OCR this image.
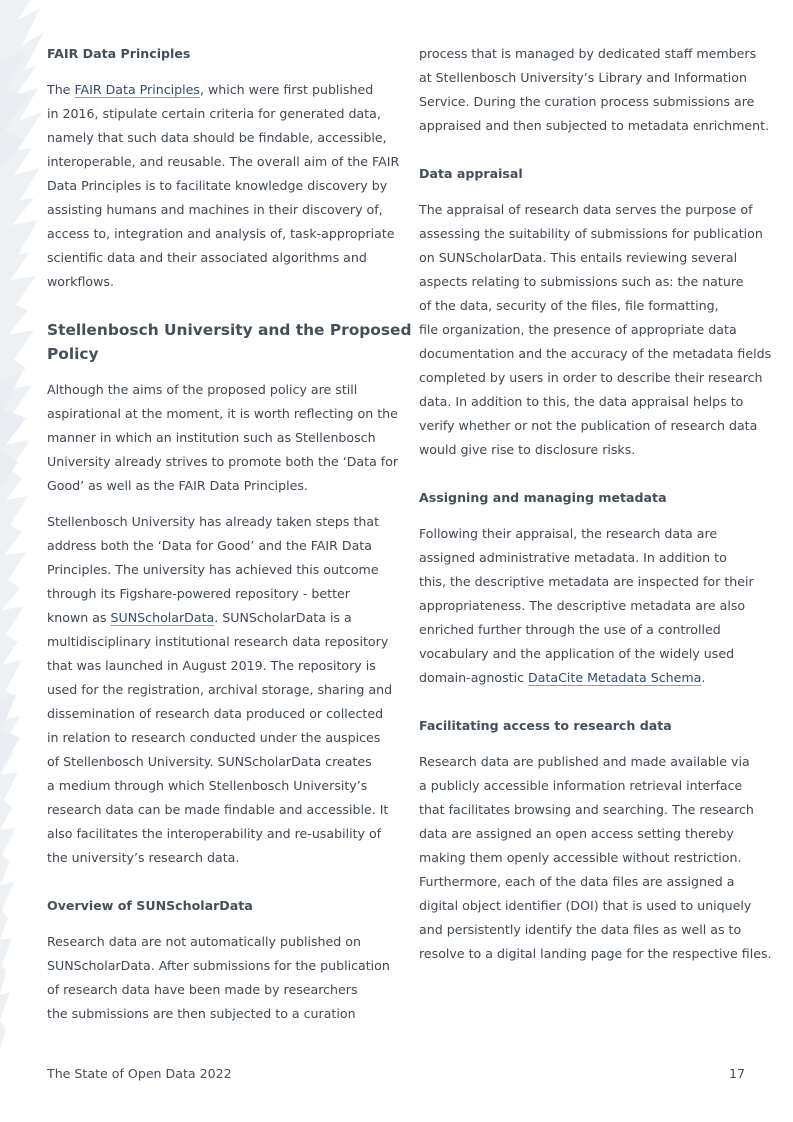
FAIR Data Principles

The FAIR Data Principles, which were first published
in 2016, stipulate certain criteria for generated data,
namely that such data should be findable, accessible,
interoperable, and reusable. The overall aim of the FAIR
Data Principles is to facilitate knowledge discovery by
assisting humans and machines in their discovery of,
access to, integration and analysis of, task-appropriate
scientific data and their associated algorithms and
workflows.

Stellenbosch University and the Proposed
Policy

Although the aims of the proposed policy are still
aspirational at the moment, it is worth reflecting on the
manner in which an institution such as Stellenbosch
University already strives to promote both the ‘Data for
Good’ as well as the FAIR Data Principles.

Stellenbosch University has already taken steps that
address both the ‘Data for Good’ and the FAIR Data
Principles. The university has achieved this outcome
through its Figshare-powered repository - better
known as SUNScholarData. SUNScholarData is a
multidisciplinary institutional research data repository
that was launched in August 2019. The repository is
used for the registration, archival storage, sharing and
dissemination of research data produced or collected
in relation to research conducted under the auspices
of Stellenbosch University. SUNScholarData creates
a medium through which Stellenbosch University’s
research data can be made findable and accessible. It
also facilitates the interoperability and re-usability of
the university’s research data.

Overview of SUNScholarData

Research data are not automatically published on
SUNScholarData. After submissions for the publication
of research data have been made by researchers
the submissions are then subjected to a curation

process that is managed by dedicated staff members
at Stellenbosch University’s Library and Information
Service. During the curation process submissions are
appraised and then subjected to metadata enrichment.

Data appraisal

The appraisal of research data serves the purpose of
assessing the suitability of submissions for publication
on SUNScholarData. This entails reviewing several
aspects relating to submissions such as: the nature
of the data, security of the files, file formatting,
file organization, the presence of appropriate data
documentation and the accuracy of the metadata fields
completed by users in order to describe their research
data. In addition to this, the data appraisal helps to
verify whether or not the publication of research data
would give rise to disclosure risks.

Assigning and managing metadata

Following their appraisal, the research data are
assigned administrative metadata. In addition to
this, the descriptive metadata are inspected for their
appropriateness. The descriptive metadata are also
enriched further through the use of a controlled
vocabulary and the application of the widely used
domain-agnostic DataCite Metadata Schema.

Facilitating access to research data

Research data are published and made available via
a publicly accessible information retrieval interface
that facilitates browsing and searching. The research
data are assigned an open access setting thereby
making them openly accessible without restriction.
Furthermore, each of the data files are assigned a
digital object identifier (DOI) that is used to uniquely
and persistently identify the data files as well as to
resolve to a digital landing page for the respective files.

The State of Open Data 2022	17
